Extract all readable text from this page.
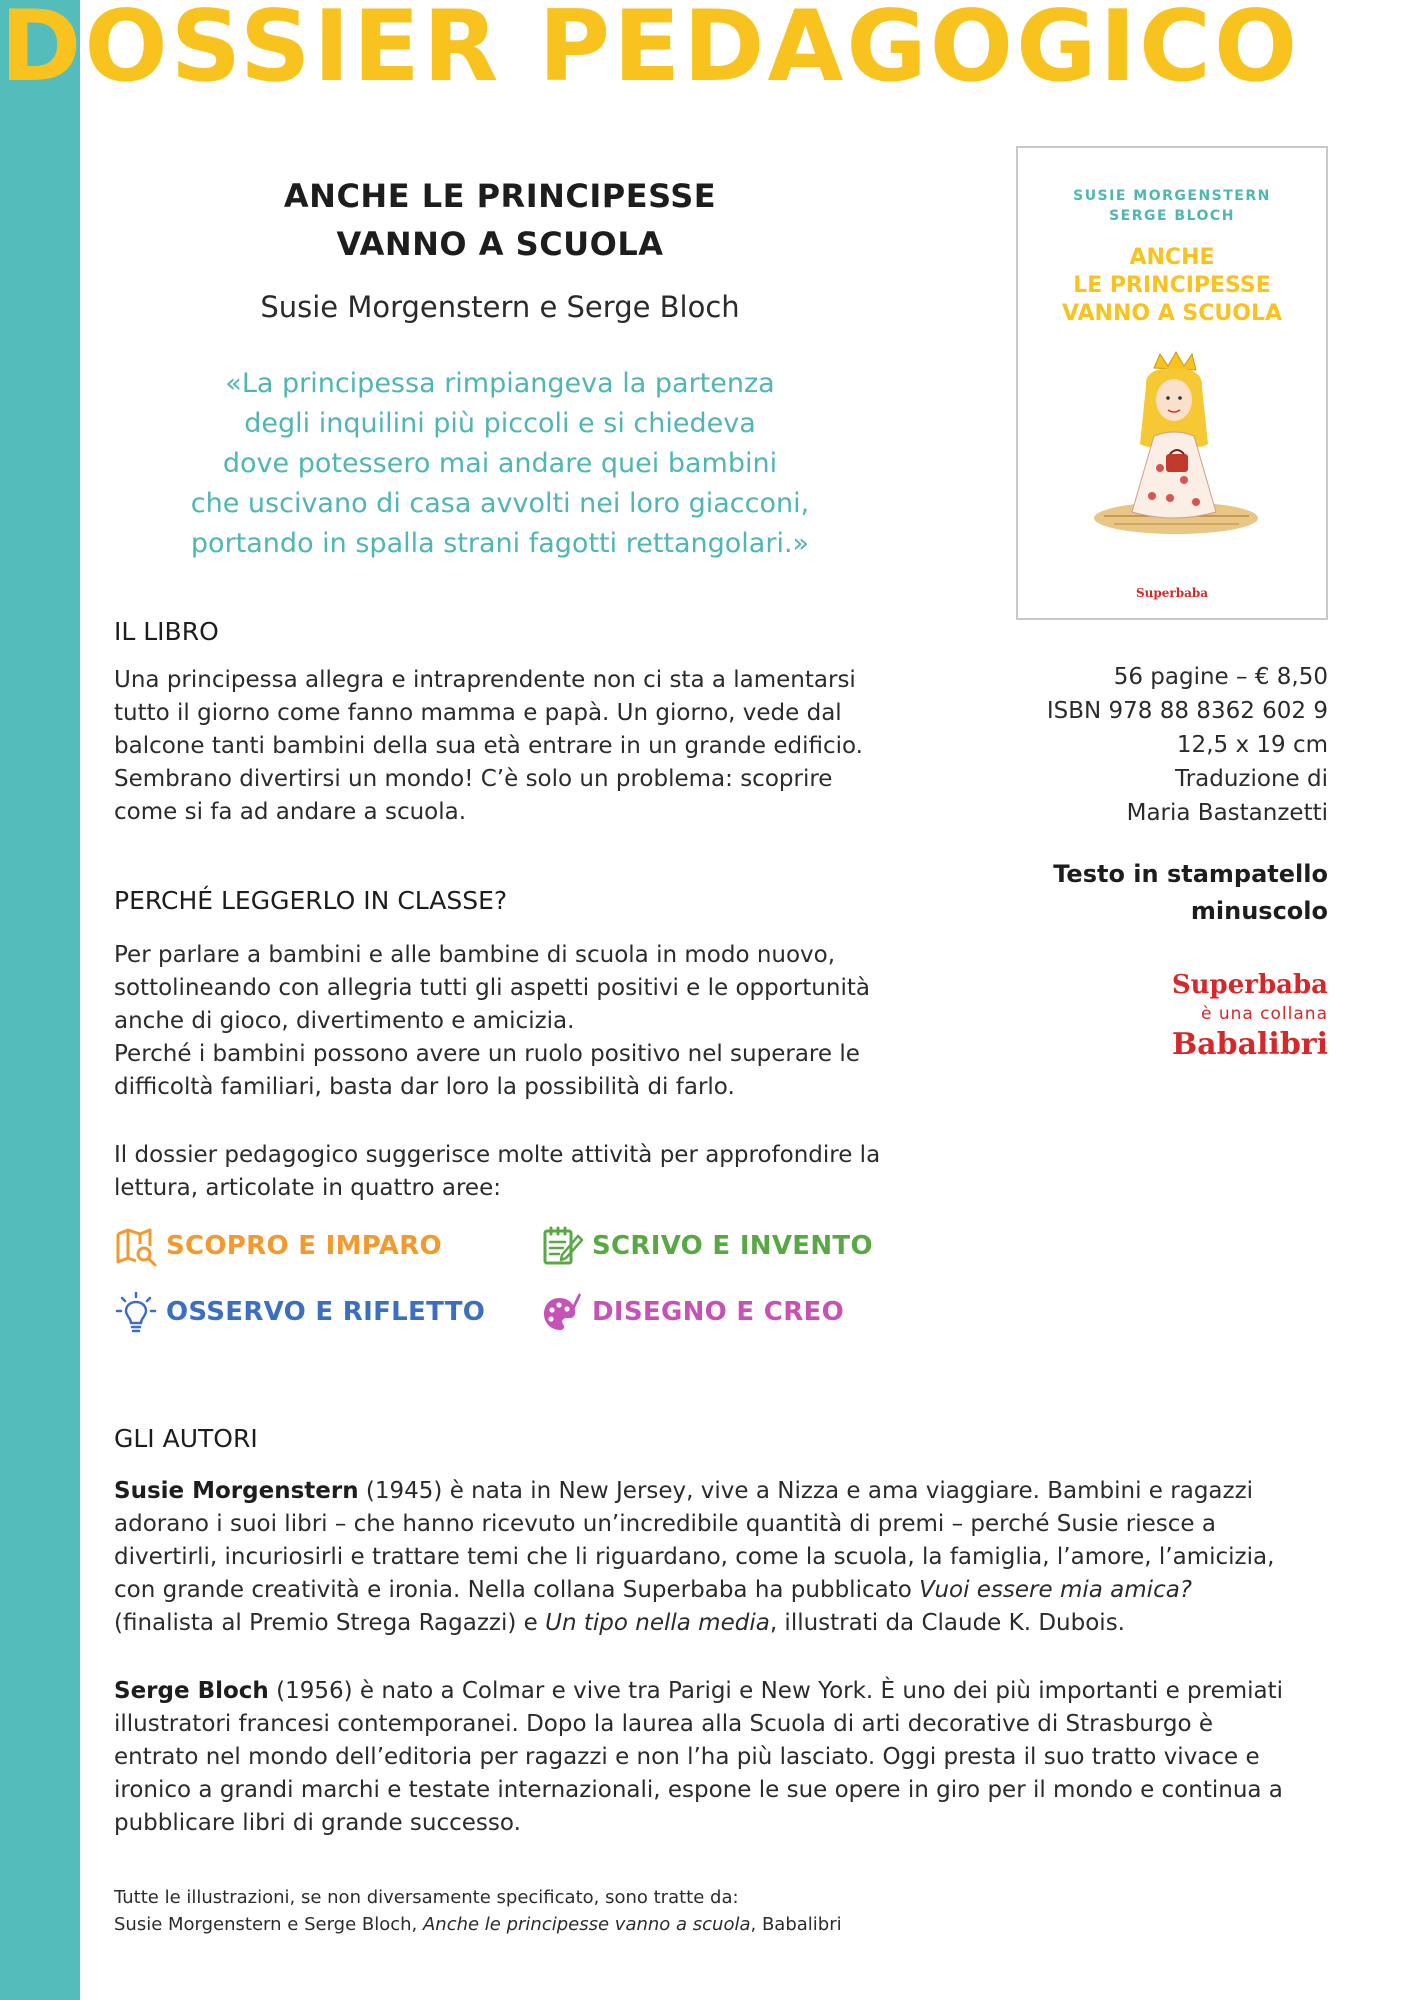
DOSSIER PEDAGOGICO
ANCHE LE PRINCIPESSE
VANNO A SCUOLA
Susie Morgenstern e Serge Bloch
«La principessa rimpiangeva la partenza
degli inquilini più piccoli e si chiedeva
dove potessero mai andare quei bambini
che uscivano di casa avvolti nei loro giacconi,
portando in spalla strani fagotti rettangolari.»
SUSIE MORGENSTERN
SERGE BLOCH
ANCHE
LE PRINCIPESSE
VANNO A SCUOLA
Superbaba
56 pagine – € 8,50
ISBN 978 88 8362 602 9
12,5 x 19 cm
Traduzione di
Maria Bastanzetti
Testo in stampatello
minuscolo
Superbaba
è una collana
Babalibri
IL LIBRO
Una principessa allegra e intraprendente non ci sta a lamentarsi
tutto il giorno come fanno mamma e papà. Un giorno, vede dal
balcone tanti bambini della sua età entrare in un grande edificio.
Sembrano divertirsi un mondo! C’è solo un problema: scoprire
come si fa ad andare a scuola.
PERCHÉ LEGGERLO IN CLASSE?
Per parlare a bambini e alle bambine di scuola in modo nuovo,
sottolineando con allegria tutti gli aspetti positivi e le opportunità
anche di gioco, divertimento e amicizia.
Perché i bambini possono avere un ruolo positivo nel superare le
difficoltà familiari, basta dar loro la possibilità di farlo.
Il dossier pedagogico suggerisce molte attività per approfondire la
lettura, articolate in quattro aree:
SCOPRO E IMPARO	SCRIVO E INVENTO
OSSERVO E RIFLETTO	DISEGNO E CREO
GLI AUTORI
Susie Morgenstern (1945) è nata in New Jersey, vive a Nizza e ama viaggiare. Bambini e ragazzi
adorano i suoi libri – che hanno ricevuto un’incredibile quantità di premi – perché Susie riesce a
divertirli, incuriosirli e trattare temi che li riguardano, come la scuola, la famiglia, l’amore, l’amicizia,
con grande creatività e ironia. Nella collana Superbaba ha pubblicato Vuoi essere mia amica?
(finalista al Premio Strega Ragazzi) e Un tipo nella media, illustrati da Claude K. Dubois.
Serge Bloch (1956) è nato a Colmar e vive tra Parigi e New York. È uno dei più importanti e premiati
illustratori francesi contemporanei. Dopo la laurea alla Scuola di arti decorative di Strasburgo è
entrato nel mondo dell’editoria per ragazzi e non l’ha più lasciato. Oggi presta il suo tratto vivace e
ironico a grandi marchi e testate internazionali, espone le sue opere in giro per il mondo e continua a
pubblicare libri di grande successo.
Tutte le illustrazioni, se non diversamente specificato, sono tratte da:
Susie Morgenstern e Serge Bloch, Anche le principesse vanno a scuola, Babalibri
